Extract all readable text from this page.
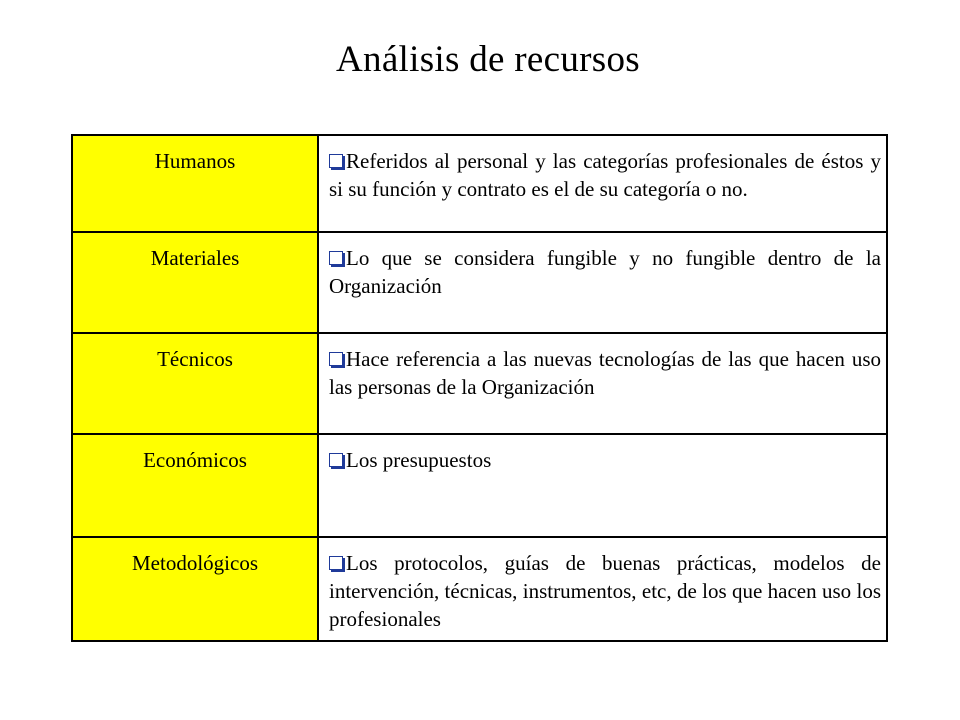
Análisis de recursos
Humanos	Referidos al personal y las categorías profesionales de éstos y si su función y contrato es el de su categoría o no.
Materiales	Lo que se considera fungible y no fungible dentro de la Organización
Técnicos	Hace referencia a las nuevas tecnologías de las que hacen uso las personas de la Organización
Económicos	Los presupuestos
Metodológicos	Los protocolos, guías de buenas prácticas, modelos de intervención, técnicas, instrumentos, etc, de los que hacen uso los profesionales
